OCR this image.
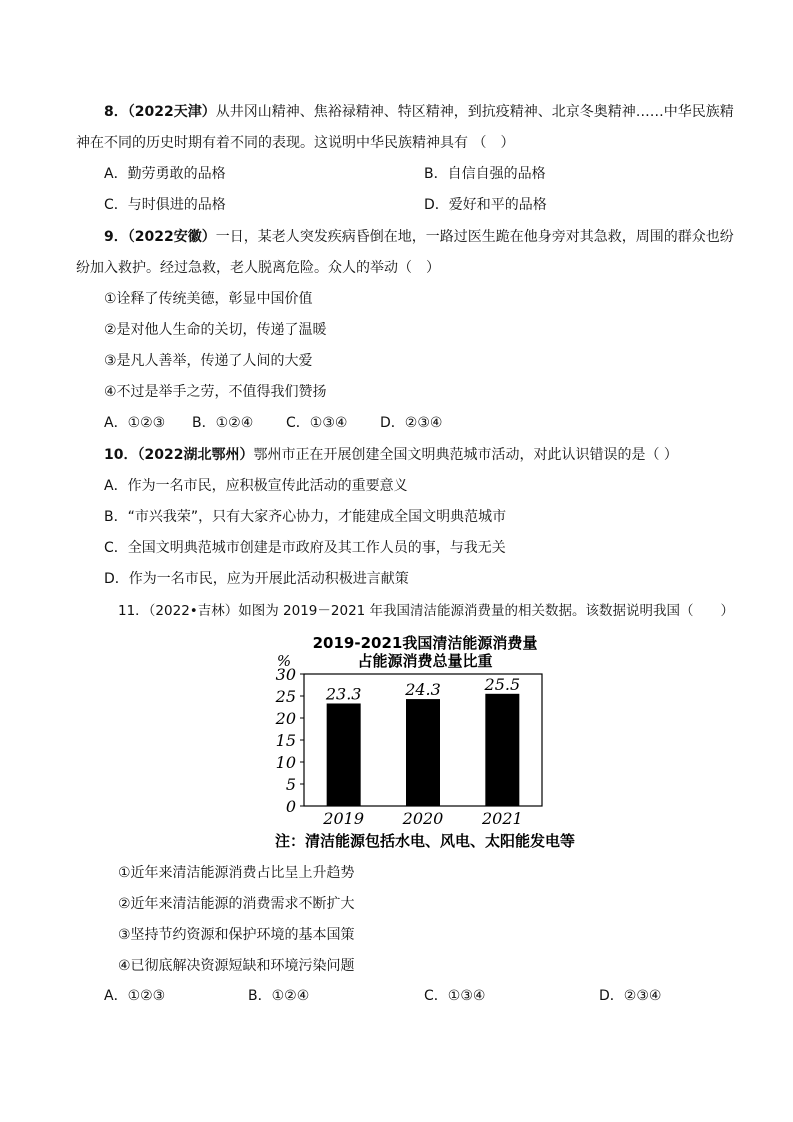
8．（2022天津）从井冈山精神、焦裕禄精神、特区精神，到抗疫精神、北京冬奥精神……中华民族精
神在不同的历史时期有着不同的表现。这说明中华民族精神具有 （　）
A．勤劳勇敢的品格	B．自信自强的品格
C．与时俱进的品格	D．爱好和平的品格
9．（2022安徽）一日，某老人突发疾病昏倒在地，一路过医生跪在他身旁对其急救，周围的群众也纷
纷加入救护。经过急救，老人脱离危险。众人的举动（　）
①诠释了传统美德，彰显中国价值
②是对他人生命的关切，传递了温暖
③是凡人善举，传递了人间的大爱
④不过是举手之劳，不值得我们赞扬
A．①②③ B．①②④ C．①③④ D．②③④
10．（2022湖北鄂州）鄂州市正在开展创建全国文明典范城市活动，对此认识错误的是（ ）
A．作为一名市民，应积极宣传此活动的重要意义
B．“市兴我荣”，只有大家齐心协力，才能建成全国文明典范城市
C．全国文明典范城市创建是市政府及其工作人员的事，与我无关
D．作为一名市民，应为开展此活动积极进言献策
11．（2022•吉林）如图为 2019－2021 年我国清洁能源消费量的相关数据。该数据说明我国（　　）
2019-2021我国清洁能源消费量
占能源消费总量比重
%
30
25
20
15
10
5
0
23.3
2019
24.3
2020
25.5
2021
注：清洁能源包括水电、风电、太阳能发电等
①近年来清洁能源消费占比呈上升趋势
②近年来清洁能源的消费需求不断扩大
③坚持节约资源和保护环境的基本国策
④已彻底解决资源短缺和环境污染问题
A．①②③	B．①②④	C．①③④	D．②③④
